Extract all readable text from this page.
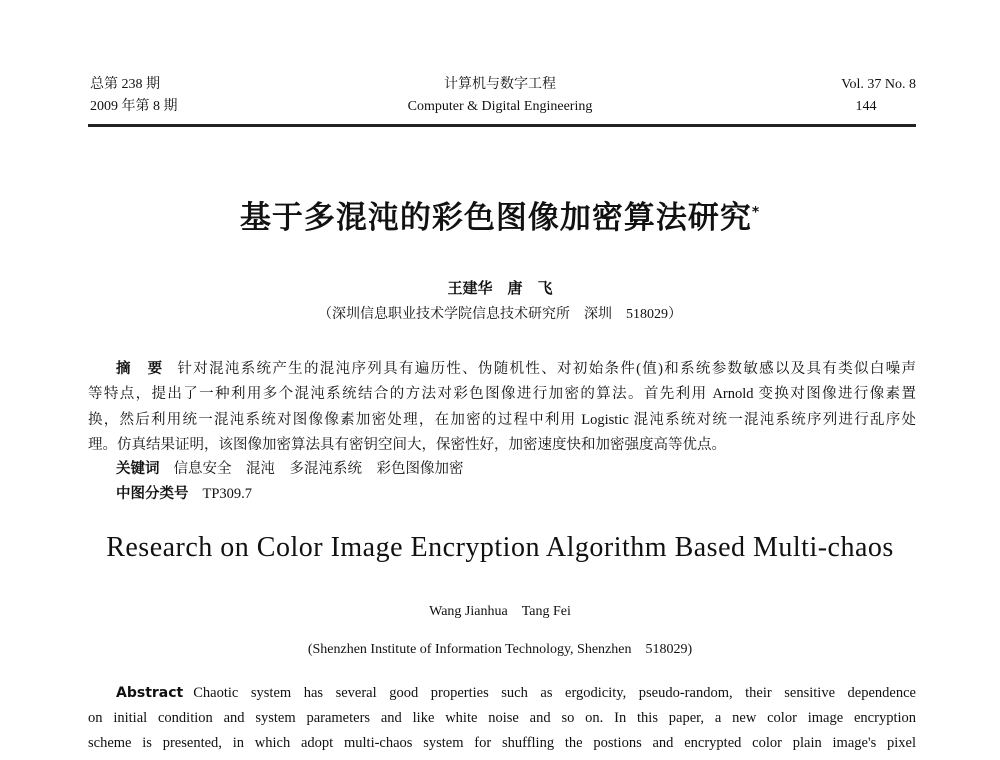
总第 238 期
2009 年第 8 期
计算机与数字工程
Computer & Digital Engineering
Vol. 37 No. 8
144
基于多混沌的彩色图像加密算法研究*
王建华　唐　飞
（深圳信息职业技术学院信息技术研究所　深圳　518029）
摘　要 针对混沌系统产生的混沌序列具有遍历性、伪随机性、对初始条件(值)和系统参数敏感以及具有类似白噪声
等特点，提出了一种利用多个混沌系统结合的方法对彩色图像进行加密的算法。首先利用 Arnold 变换对图像进行像素置
换，然后利用统一混沌系统对图像像素加密处理，在加密的过程中利用 Logistic 混沌系统对统一混沌系统序列进行乱序处
理。仿真结果证明，该图像加密算法具有密钥空间大，保密性好，加密速度快和加密强度高等优点。
关键词 信息安全　混沌　多混沌系统　彩色图像加密
中图分类号 TP309.7
Research on Color Image Encryption Algorithm Based Multi-chaos
Wang Jianhua　Tang Fei
(Shenzhen Institute of Information Technology, Shenzhen　518029)
Abstract Chaotic system has several good properties such as ergodicity, pseudo-random, their sensitive dependence
on initial condition and system parameters and like white noise and so on. In this paper, a new color image encryption
scheme is presented, in which adopt multi-chaos system for shuffling the postions and encrypted color plain image's pixel
